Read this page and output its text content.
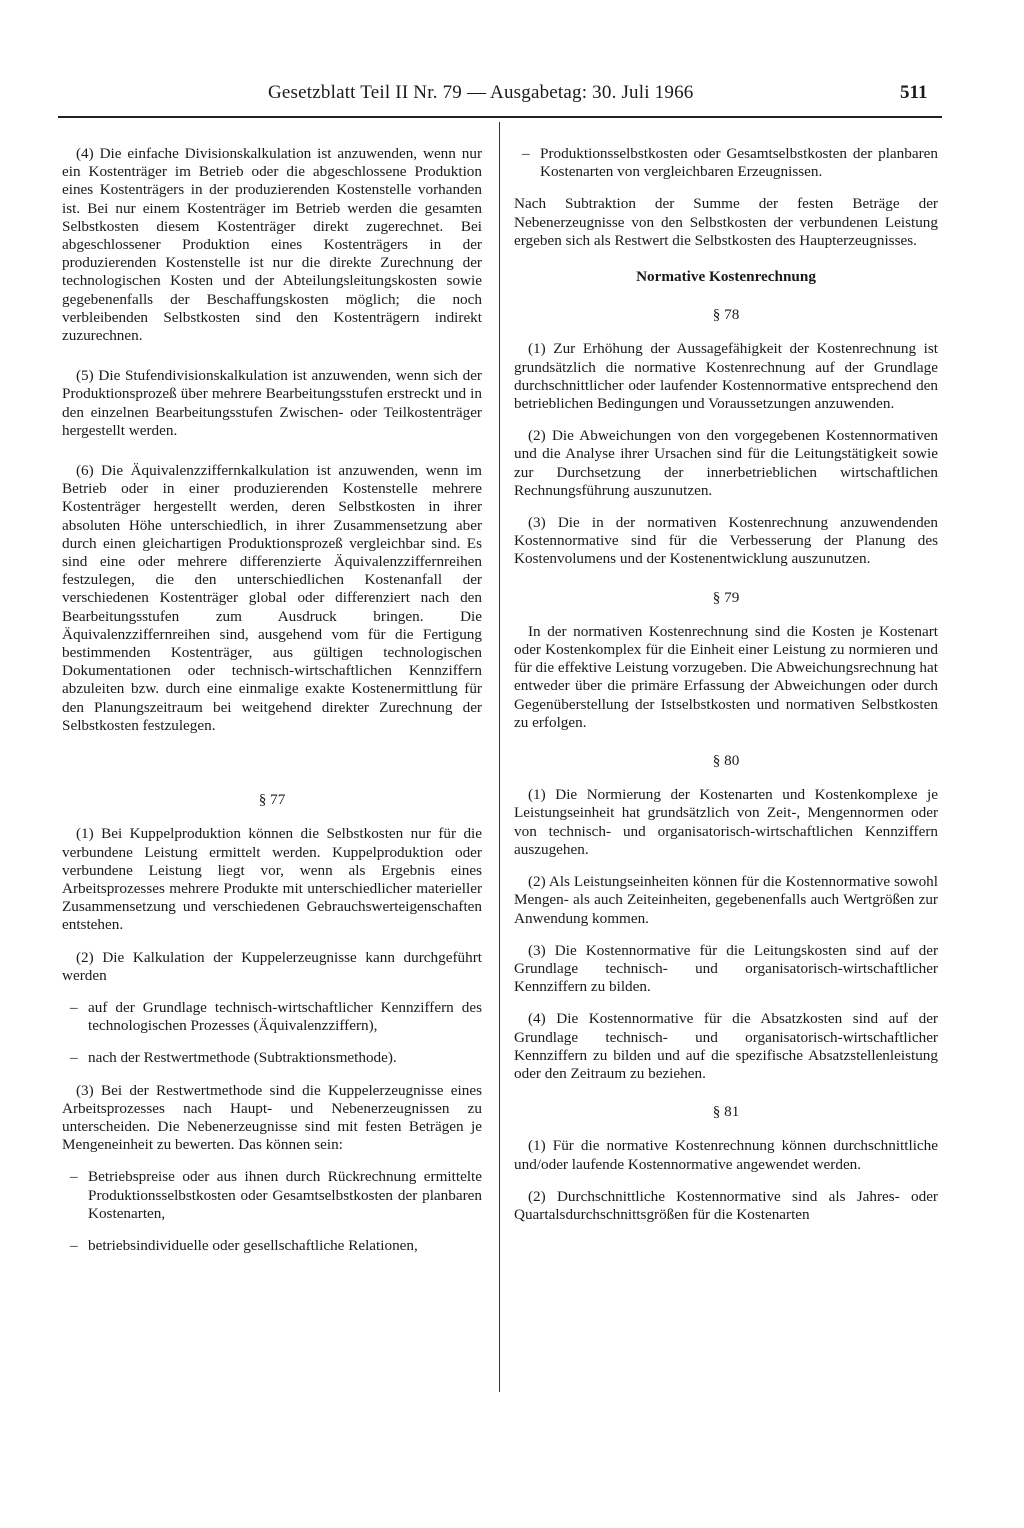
Gesetzblatt Teil II Nr. 79 — Ausgabetag: 30. Juli 1966	511

(4) Die einfache Divisionskalkulation ist anzuwenden, wenn nur ein Kostenträger im Betrieb oder die abgeschlossene Produktion eines Kostenträgers in der produzierenden Kostenstelle vorhanden ist. Bei nur einem Kostenträger im Betrieb werden die gesamten Selbstkosten diesem Kostenträger direkt zugerechnet. Bei abgeschlossener Produktion eines Kostenträgers in der produzierenden Kostenstelle ist nur die direkte Zurechnung der technologischen Kosten und der Abteilungsleitungskosten sowie gegebenenfalls der Beschaffungskosten möglich; die noch verbleibenden Selbstkosten sind den Kostenträgern indirekt zuzurechnen.

(5) Die Stufendivisionskalkulation ist anzuwenden, wenn sich der Produktionsprozeß über mehrere Bearbeitungsstufen erstreckt und in den einzelnen Bearbeitungsstufen Zwischen- oder Teilkostenträger hergestellt werden.

(6) Die Äquivalenzziffernkalkulation ist anzuwenden, wenn im Betrieb oder in einer produzierenden Kostenstelle mehrere Kostenträger hergestellt werden, deren Selbstkosten in ihrer absoluten Höhe unterschiedlich, in ihrer Zusammensetzung aber durch einen gleichartigen Produktionsprozeß vergleichbar sind. Es sind eine oder mehrere differenzierte Äquivalenzziffernreihen festzulegen, die den unterschiedlichen Kostenanfall der verschiedenen Kostenträger global oder differenziert nach den Bearbeitungsstufen zum Ausdruck bringen. Die Äquivalenzziffernreihen sind, ausgehend vom für die Fertigung bestimmenden Kostenträger, aus gültigen technologischen Dokumentationen oder technisch-wirtschaftlichen Kennziffern abzuleiten bzw. durch eine einmalige exakte Kostenermittlung für den Planungszeitraum bei weitgehend direkter Zurechnung der Selbstkosten festzulegen.

§ 77

(1) Bei Kuppelproduktion können die Selbstkosten nur für die verbundene Leistung ermittelt werden. Kuppelproduktion oder verbundene Leistung liegt vor, wenn als Ergebnis eines Arbeitsprozesses mehrere Produkte mit unterschiedlicher materieller Zusammensetzung und verschiedenen Gebrauchswerteigenschaften entstehen.

(2) Die Kalkulation der Kuppelerzeugnisse kann durchgeführt werden

– auf der Grundlage technisch-wirtschaftlicher Kennziffern des technologischen Prozesses (Äquivalenzziffern),
– nach der Restwertmethode (Subtraktionsmethode).

(3) Bei der Restwertmethode sind die Kuppelerzeugnisse eines Arbeitsprozesses nach Haupt- und Nebenerzeugnissen zu unterscheiden. Die Nebenerzeugnisse sind mit festen Beträgen je Mengeneinheit zu bewerten. Das können sein:

– Betriebspreise oder aus ihnen durch Rückrechnung ermittelte Produktionsselbstkosten oder Gesamtselbstkosten der planbaren Kostenarten,
– betriebsindividuelle oder gesellschaftliche Relationen,
– Produktionsselbstkosten oder Gesamtselbstkosten der planbaren Kostenarten von vergleichbaren Erzeugnissen.

Nach Subtraktion der Summe der festen Beträge der Nebenerzeugnisse von den Selbstkosten der verbundenen Leistung ergeben sich als Restwert die Selbstkosten des Haupterzeugnisses.

Normative Kostenrechnung
§ 78

(1) Zur Erhöhung der Aussagefähigkeit der Kostenrechnung ist grundsätzlich die normative Kostenrechnung auf der Grundlage durchschnittlicher oder laufender Kostennormative entsprechend den betrieblichen Bedingungen und Voraussetzungen anzuwenden.

(2) Die Abweichungen von den vorgegebenen Kostennormativen und die Analyse ihrer Ursachen sind für die Leitungstätigkeit sowie zur Durchsetzung der innerbetrieblichen wirtschaftlichen Rechnungsführung auszunutzen.

(3) Die in der normativen Kostenrechnung anzuwendenden Kostennormative sind für die Verbesserung der Planung des Kostenvolumens und der Kostenentwicklung auszunutzen.

§ 79

In der normativen Kostenrechnung sind die Kosten je Kostenart oder Kostenkomplex für die Einheit einer Leistung zu normieren und für die effektive Leistung vorzugeben. Die Abweichungsrechnung hat entweder über die primäre Erfassung der Abweichungen oder durch Gegenüberstellung der Istselbstkosten und normativen Selbstkosten zu erfolgen.

§ 80

(1) Die Normierung der Kostenarten und Kostenkomplexe je Leistungseinheit hat grundsätzlich von Zeit-, Mengennormen oder von technisch- und organisatorisch-wirtschaftlichen Kennziffern auszugehen.

(2) Als Leistungseinheiten können für die Kostennormative sowohl Mengen- als auch Zeiteinheiten, gegebenenfalls auch Wertgrößen zur Anwendung kommen.

(3) Die Kostennormative für die Leitungskosten sind auf der Grundlage technisch- und organisatorisch-wirtschaftlicher Kennziffern zu bilden.

(4) Die Kostennormative für die Absatzkosten sind auf der Grundlage technisch- und organisatorisch-wirtschaftlicher Kennziffern zu bilden und auf die spezifische Absatzstellenleistung oder den Zeitraum zu beziehen.

§ 81

(1) Für die normative Kostenrechnung können durchschnittliche und/oder laufende Kostennormative angewendet werden.

(2) Durchschnittliche Kostennormative sind als Jahres- oder Quartalsdurchschnittsgrößen für die Kostenarten
